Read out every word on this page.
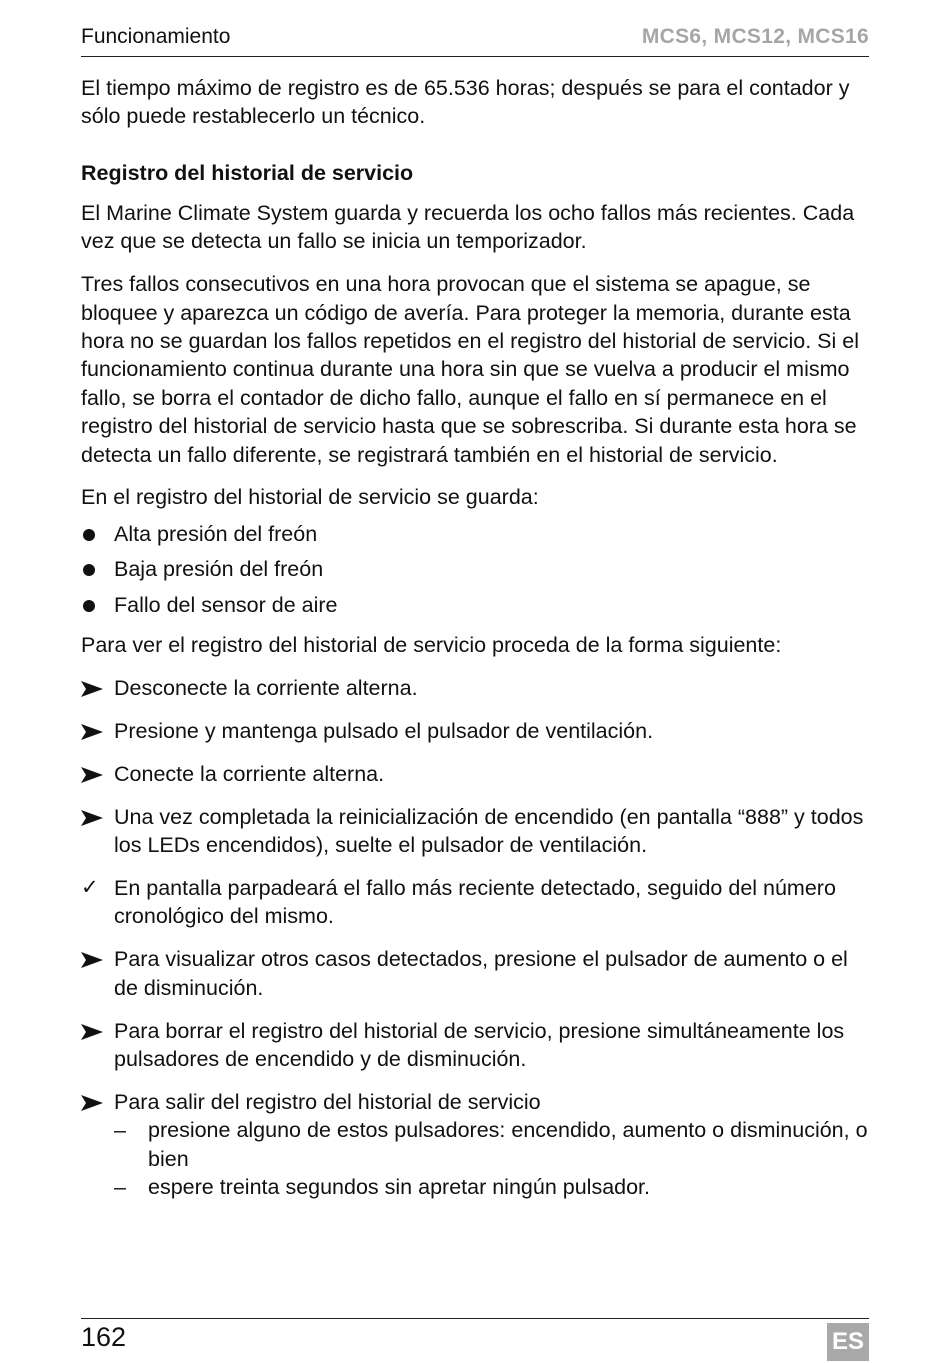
Funcionamiento	MCS6, MCS12, MCS16

El tiempo máximo de registro es de 65.536 horas; después se para el contador y sólo puede restablecerlo un técnico.

Registro del historial de servicio

El Marine Climate System guarda y recuerda los ocho fallos más recientes. Cada vez que se detecta un fallo se inicia un temporizador.

Tres fallos consecutivos en una hora provocan que el sistema se apague, se bloquee y aparezca un código de avería. Para proteger la memoria, durante esta hora no se guardan los fallos repetidos en el registro del historial de servicio. Si el funcionamiento continua durante una hora sin que se vuelva a producir el mismo fallo, se borra el contador de dicho fallo, aunque el fallo en sí permanece en el registro del historial de servicio hasta que se sobrescriba. Si durante esta hora se detecta un fallo diferente, se registrará también en el historial de servicio.

En el registro del historial de servicio se guarda:

Alta presión del freón
Baja presión del freón
Fallo del sensor de aire

Para ver el registro del historial de servicio proceda de la forma siguiente:

Desconecte la corriente alterna.
Presione y mantenga pulsado el pulsador de ventilación.
Conecte la corriente alterna.
Una vez completada la reinicialización de encendido (en pantalla “888” y todos los LEDs encendidos), suelte el pulsador de ventilación.
✓ En pantalla parpadeará el fallo más reciente detectado, seguido del número cronológico del mismo.
Para visualizar otros casos detectados, presione el pulsador de aumento o el de disminución.
Para borrar el registro del historial de servicio, presione simultáneamente los pulsadores de encendido y de disminución.
Para salir del registro del historial de servicio
– presione alguno de estos pulsadores: encendido, aumento o disminución, o bien
– espere treinta segundos sin apretar ningún pulsador.
162	ES
